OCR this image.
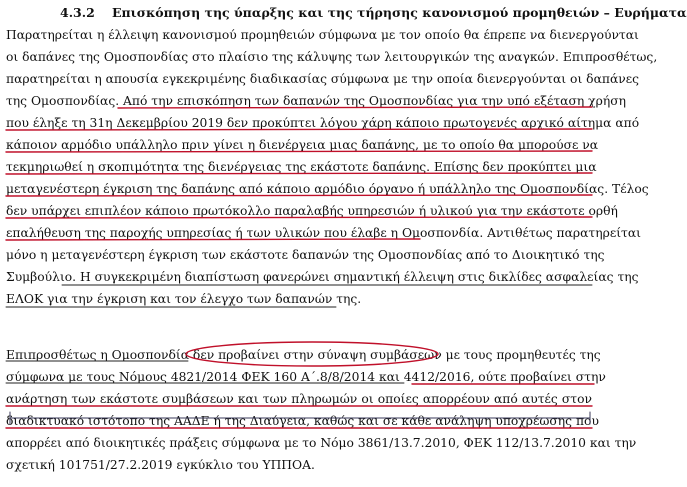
4.3.2 Επισκόπηση της ύπαρξης και της τήρησης κανονισμού προμηθειών – Ευρήματα
Παρατηρείται η έλλειψη κανονισμού προμηθειών σύμφωνα με τον οποίο θα έπρεπε να διενεργούνται
οι δαπάνες της Ομοσπονδίας στο πλαίσιο της κάλυψης των λειτουργικών της αναγκών. Επιπροσθέτως,
παρατηρείται η απουσία εγκεκριμένης διαδικασίας σύμφωνα με την οποία διενεργούνται οι δαπάνες
της Ομοσπονδίας. Από την επισκόπηση των δαπανών της Ομοσπονδίας για την υπό εξέταση χρήση
που έληξε τη 31η Δεκεμβρίου 2019 δεν προκύπτει λόγου χάρη κάποιο πρωτογενές αρχικό αίτημα από
κάποιον αρμόδιο υπάλληλο πριν γίνει η διενέργεια μιας δαπάνης, με το οποίο θα μπορούσε να
τεκμηριωθεί η σκοπιμότητα της διενέργειας της εκάστοτε δαπάνης. Επίσης δεν προκύπτει μια
μεταγενέστερη έγκριση της δαπάνης από κάποιο αρμόδιο όργανο ή υπάλληλο της Ομοσπονδίας. Τέλος
δεν υπάρχει επιπλέον κάποιο πρωτόκολλο παραλαβής υπηρεσιών ή υλικού για την εκάστοτε ορθή
επαλήθευση της παροχής υπηρεσίας ή των υλικών που έλαβε η Ομοσπονδία. Αντιθέτως παρατηρείται
μόνο η μεταγενέστερη έγκριση των εκάστοτε δαπανών της Ομοσπονδίας από το Διοικητικό της
Συμβούλιο. Η συγκεκριμένη διαπίστωση φανερώνει σημαντική έλλειψη στις δικλίδες ασφαλείας της
ΕΛΟΚ για την έγκριση και τον έλεγχο των δαπανών της.
Επιπροσθέτως η Ομοσπονδία δεν προβαίνει στην σύναψη συμβάσεων με τους προμηθευτές της
σύμφωνα με τους Νόμους 4821/2014 ΦΕΚ 160 Α΄.8/8/2014 και 4412/2016, ούτε προβαίνει στην
ανάρτηση των εκάστοτε συμβάσεων και των πληρωμών οι οποίες απορρέουν από αυτές στον
διαδικτυακό ιστότοπο της ΑΑΔΕ ή της Διαύγεια, καθώς και σε κάθε ανάληψη υποχρέωσης που
απορρέει από διοικητικές πράξεις σύμφωνα με το Νόμο 3861/13.7.2010, ΦΕΚ 112/13.7.2010 και την
σχετική 101751/27.2.2019 εγκύκλιο του ΥΠΠΟΑ.
